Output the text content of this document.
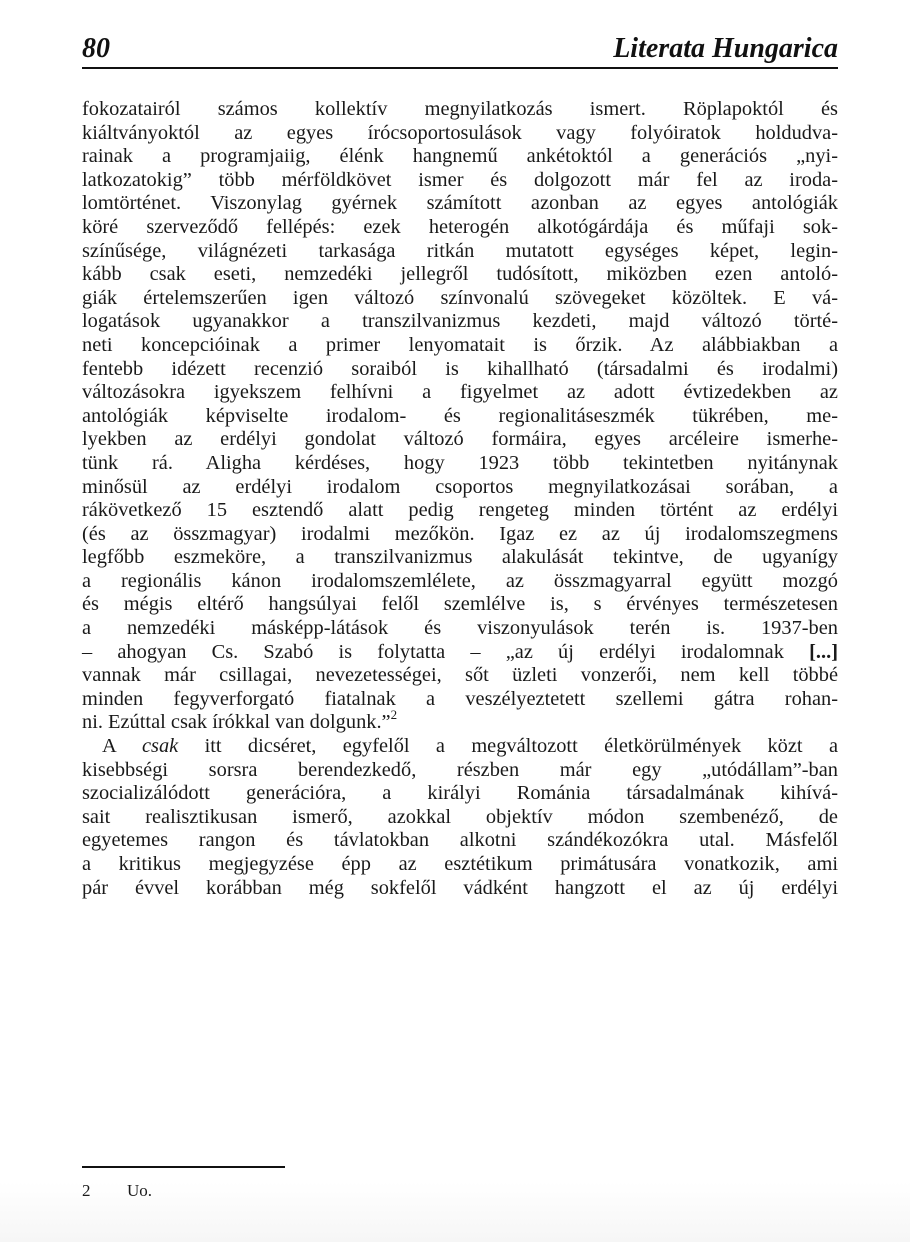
80	Literata Hungarica
fokozatairól számos kollektív megnyilatkozás ismert. Röplapoktól és
kiáltványoktól az egyes írócsoportosulások vagy folyóiratok holdudva-
rainak a programjaiig, élénk hangnemű ankétoktól a generációs „nyi-
latkozatokig” több mérföldkövet ismer és dolgozott már fel az iroda-
lomtörténet. Viszonylag gyérnek számított azonban az egyes antológiák
köré szerveződő fellépés: ezek heterogén alkotógárdája és műfaji sok-
színűsége, világnézeti tarkasága ritkán mutatott egységes képet, legin-
kább csak eseti, nemzedéki jellegről tudósított, miközben ezen antoló-
giák értelemszerűen igen változó színvonalú szövegeket közöltek. E vá-
logatások ugyanakkor a transzilvanizmus kezdeti, majd változó törté-
neti koncepcióinak a primer lenyomatait is őrzik. Az alábbiakban a
fentebb idézett recenzió soraiból is kihallható (társadalmi és irodalmi)
változásokra igyekszem felhívni a figyelmet az adott évtizedekben az
antológiák képviselte irodalom- és regionalitáseszmék tükrében, me-
lyekben az erdélyi gondolat változó formáira, egyes arcéleire ismerhe-
tünk rá. Aligha kérdéses, hogy 1923 több tekintetben nyitánynak
minősül az erdélyi irodalom csoportos megnyilatkozásai sorában, a
rákövetkező 15 esztendő alatt pedig rengeteg minden történt az erdélyi
(és az összmagyar) irodalmi mezőkön. Igaz ez az új irodalomszegmens
legfőbb eszmeköre, a transzilvanizmus alakulását tekintve, de ugyanígy
a regionális kánon irodalomszemlélete, az összmagyarral együtt mozgó
és mégis eltérő hangsúlyai felől szemlélve is, s érvényes természetesen
a nemzedéki másképp-látások és viszonyulások terén is. 1937-ben
– ahogyan Cs. Szabó is folytatta – „az új erdélyi irodalomnak [...]
vannak már csillagai, nevezetességei, sőt üzleti vonzerői, nem kell többé
minden fegyverforgató fiatalnak a veszélyeztetett szellemi gátra rohan-
ni. Ezúttal csak írókkal van dolgunk.”$^2$
A csak itt dicséret, egyfelől a megváltozott életkörülmények közt a
kisebbségi sorsra berendezkedő, részben már egy „utódállam”-ban
szocializálódott generációra, a királyi Románia társadalmának kihívá-
sait realisztikusan ismerő, azokkal objektív módon szembenéző, de
egyetemes rangon és távlatokban alkotni szándékozókra utal. Másfelől
a kritikus megjegyzése épp az esztétikum primátusára vonatkozik, ami
pár évvel korábban még sokfelől vádként hangzott el az új erdélyi
2 Uo.
